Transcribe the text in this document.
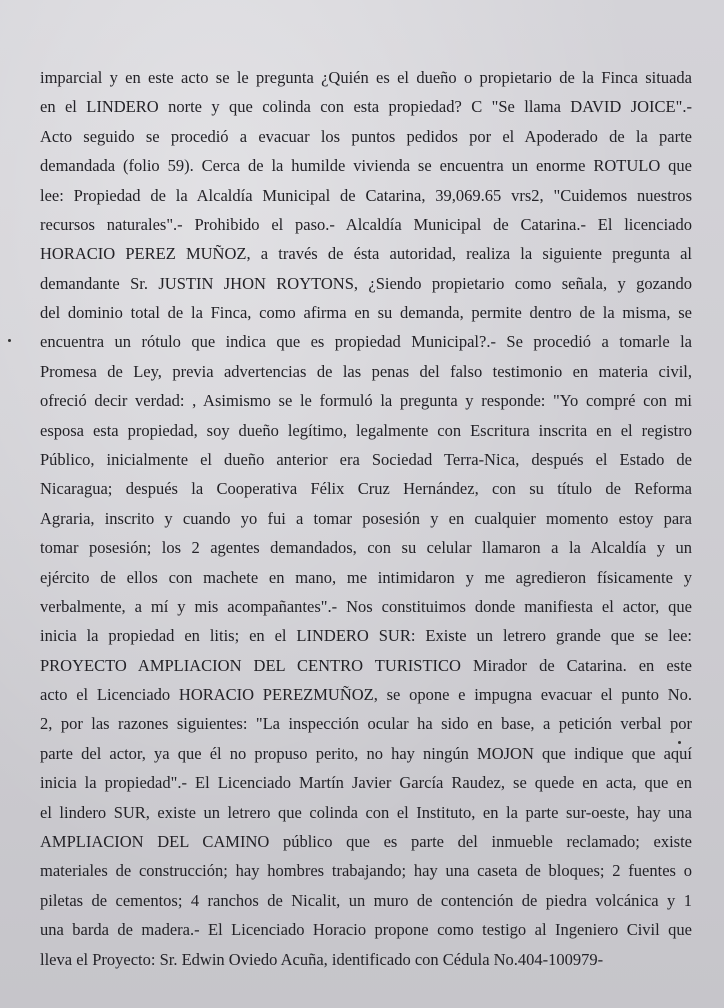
imparcial y en este acto se le pregunta ¿Quién es el dueño o propietario de la Finca situada
en el LINDERO norte y que colinda con esta propiedad? C "Se llama DAVID JOICE".-
Acto seguido se procedió a evacuar los puntos pedidos por el Apoderado de la parte
demandada (folio 59). Cerca de la humilde vivienda se encuentra un enorme ROTULO que
lee: Propiedad de la Alcaldía Municipal de Catarina, 39,069.65 vrs2, "Cuidemos nuestros
recursos naturales".- Prohibido el paso.- Alcaldía Municipal de Catarina.- El licenciado
HORACIO PEREZ MUÑOZ, a través de ésta autoridad, realiza la siguiente pregunta al
demandante Sr. JUSTIN JHON ROYTONS, ¿Siendo propietario como señala, y gozando
del dominio total de la Finca, como afirma en su demanda, permite dentro de la misma, se
encuentra un rótulo que indica que es propiedad Municipal?.- Se procedió a tomarle la
Promesa de Ley, previa advertencias de las penas del falso testimonio en materia civil,
ofreció decir verdad: , Asimismo se le formuló la pregunta y responde: "Yo compré con mi
esposa esta propiedad, soy dueño legítimo, legalmente con Escritura inscrita en el registro
Público, inicialmente el dueño anterior era Sociedad Terra-Nica, después el Estado de
Nicaragua; después la Cooperativa Félix Cruz Hernández, con su título de Reforma
Agraria, inscrito y cuando yo fui a tomar posesión y en cualquier momento estoy para
tomar posesión; los 2 agentes demandados, con su celular llamaron a la Alcaldía y un
ejército de ellos con machete en mano, me intimidaron y me agredieron físicamente y
verbalmente, a mí y mis acompañantes".- Nos constituimos donde manifiesta el actor, que
inicia la propiedad en litis; en el LINDERO SUR: Existe un letrero grande que se lee:
PROYECTO AMPLIACION DEL CENTRO TURISTICO Mirador de Catarina. en este
acto el Licenciado HORACIO PEREZMUÑOZ, se opone e impugna evacuar el punto No.
2, por las razones siguientes: "La inspección ocular ha sido en base, a petición verbal por
parte del actor, ya que él no propuso perito, no hay ningún MOJON que indique que aquí
inicia la propiedad".- El Licenciado Martín Javier García Raudez, se quede en acta, que en
el lindero SUR, existe un letrero que colinda con el Instituto, en la parte sur-oeste, hay una
AMPLIACION DEL CAMINO público que es parte del inmueble reclamado; existe
materiales de construcción; hay hombres trabajando; hay una caseta de bloques; 2 fuentes o
piletas de cementos; 4 ranchos de Nicalit, un muro de contención de piedra volcánica y 1
una barda de madera.- El Licenciado Horacio propone como testigo al Ingeniero Civil que
lleva el Proyecto: Sr. Edwin Oviedo Acuña, identificado con Cédula No.404-100979-
